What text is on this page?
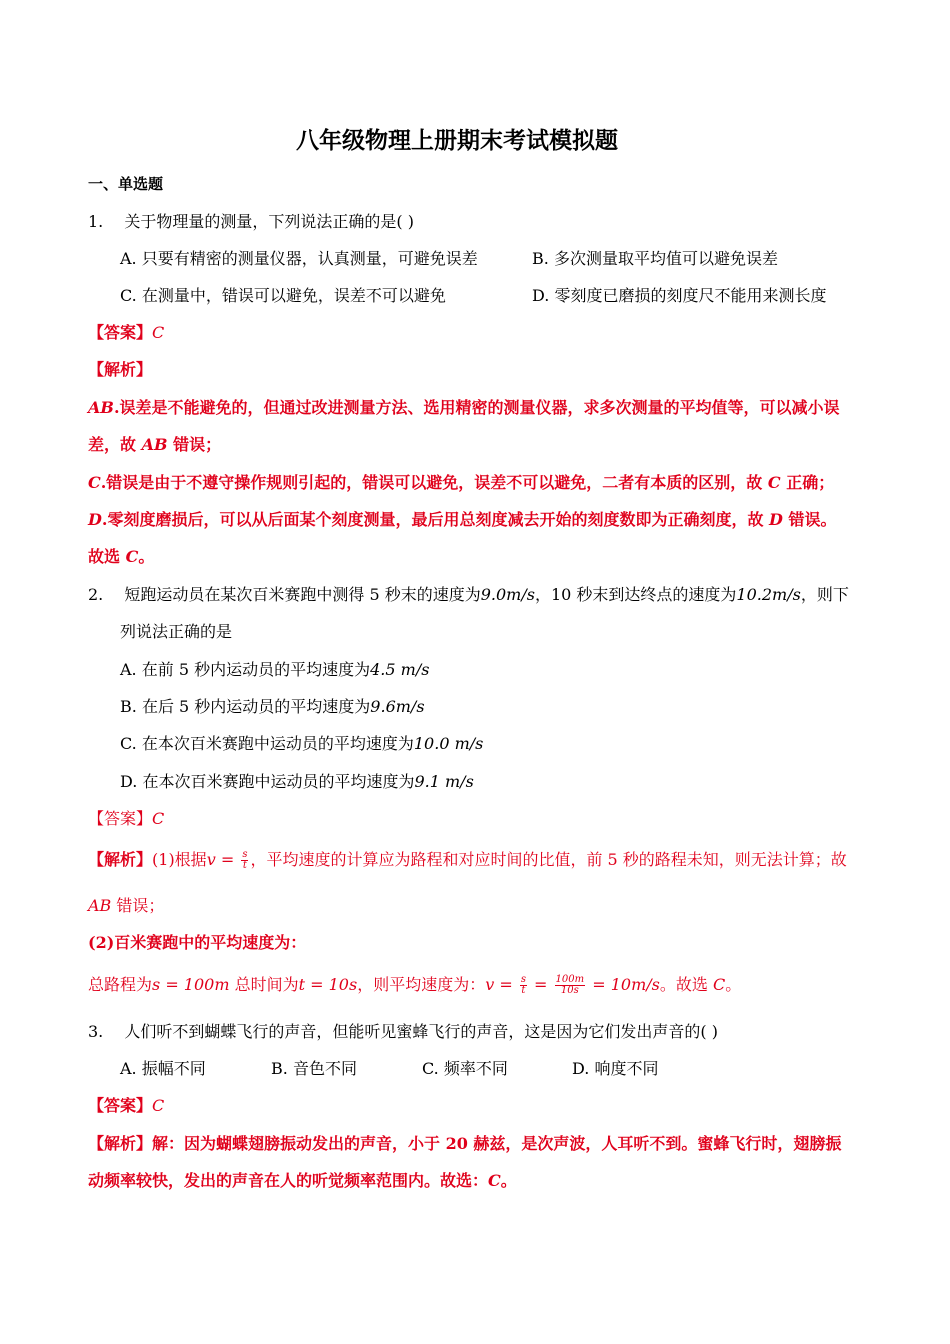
八年级物理上册期末考试模拟题
一、单选题
1. 关于物理量的测量，下列说法正确的是( )
A. 只要有精密的测量仪器，认真测量，可避免误差	B. 多次测量取平均值可以避免误差
C. 在测量中，错误可以避免，误差不可以避免	D. 零刻度已磨损的刻度尺不能用来测长度
【答案】C
【解析】
AB.误差是不能避免的，但通过改进测量方法、选用精密的测量仪器，求多次测量的平均值等，可以减小误
差，故 AB 错误；
C.错误是由于不遵守操作规则引起的，错误可以避免，误差不可以避免，二者有本质的区别，故 C 正确；
D.零刻度磨损后，可以从后面某个刻度测量，最后用总刻度减去开始的刻度数即为正确刻度，故 D 错误。
故选 C。
2. 短跑运动员在某次百米赛跑中测得 5 秒末的速度为9.0m/s，10 秒末到达终点的速度为10.2m/s，则下
列说法正确的是
A. 在前 5 秒内运动员的平均速度为4.5 m/s
B. 在后 5 秒内运动员的平均速度为9.6m/s
C. 在本次百米赛跑中运动员的平均速度为10.0 m/s
D. 在本次百米赛跑中运动员的平均速度为9.1 m/s
【答案】C
【解析】(1)根据$v = \frac{s}{t}$ ，平均速度的计算应为路程和对应时间的比值，前 5 秒的路程未知，则无法计算；故
AB 错误；
(2)百米赛跑中的平均速度为：
总路程为s = 100m 总时间为t = 10s，则平均速度为：$v = \frac{s}{t} = \frac{100m}{10s} = 10m/s$。故选 C。
3. 人们听不到蝴蝶飞行的声音，但能听见蜜蜂飞行的声音，这是因为它们发出声音的( )
A. 振幅不同	B. 音色不同	C. 频率不同	D. 响度不同
【答案】C
【解析】解：因为蝴蝶翅膀振动发出的声音，小于 20 赫兹，是次声波，人耳听不到。蜜蜂飞行时，翅膀振
动频率较快，发出的声音在人的听觉频率范围内。故选：C。
